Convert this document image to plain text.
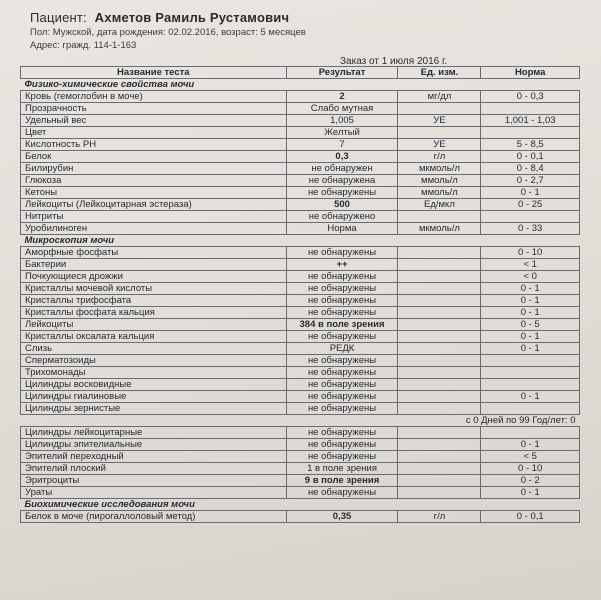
Пациент: Ахметов Рамиль Рустамович
Пол: Мужской, дата рождения: 02.02.2016, возраст: 5 месяцев
Адрес: гражд. 114-1-163
Заказ от 1 июля 2016 г.
Название теста	Результат	Ед. изм.	Норма
Физико-химические свойства мочи			
Кровь (гемоглобин в моче)	2	мг/дл	0 - 0,3
Прозрачность	Слабо мутная		
Удельный вес	1,005	УЕ	1,001 - 1,03
Цвет	Желтый		
Кислотность PH	7	УЕ	5 - 8,5
Белок	0,3	г/л	0 - 0,1
Билирубин	не обнаружен	мкмоль/л	0 - 8,4
Глюкоза	не обнаружена	ммоль/л	0 - 2,7
Кетоны	не обнаружены	ммоль/л	0 - 1
Лейкоциты (Лейкоцитарная эстераза)	500	Ед/мкл	0 - 25
Нитриты	не обнаружено		
Уробилиноген	Норма	мкмоль/л	0 - 33
Микроскопия мочи			
Аморфные фосфаты	не обнаружены		0 - 10
Бактерии	++		< 1
Почкующиеся дрожжи	не обнаружены		< 0
Кристаллы мочевой кислоты	не обнаружены		0 - 1
Кристаллы трифосфата	не обнаружены		0 - 1
Кристаллы фосфата кальция	не обнаружены		0 - 1
Лейкоциты	384 в поле зрения		0 - 5
Кристаллы оксалата кальция	не обнаружены		0 - 1
Слизь	РЕДК		0 - 1
Сперматозоиды	не обнаружены		
Трихомонады	не обнаружены		
Цилиндры восковидные	не обнаружены		
Цилиндры гиалиновые	не обнаружены		0 - 1
Цилиндры зернистые	не обнаружены		
с 0 Дней по 99 Год/лет: 0			
Цилиндры лейкоцитарные	не обнаружены		
Цилиндры эпителиальные	не обнаружены		0 - 1
Эпителий переходный	не обнаружены		< 5
Эпителий плоский	1 в поле зрения		0 - 10
Эритроциты	9 в поле зрения		0 - 2
Ураты	не обнаружены		0 - 1
Биохимические исследования мочи			
Белок в моче (пирогаллоловый метод)	0,35	г/л	0 - 0,1
